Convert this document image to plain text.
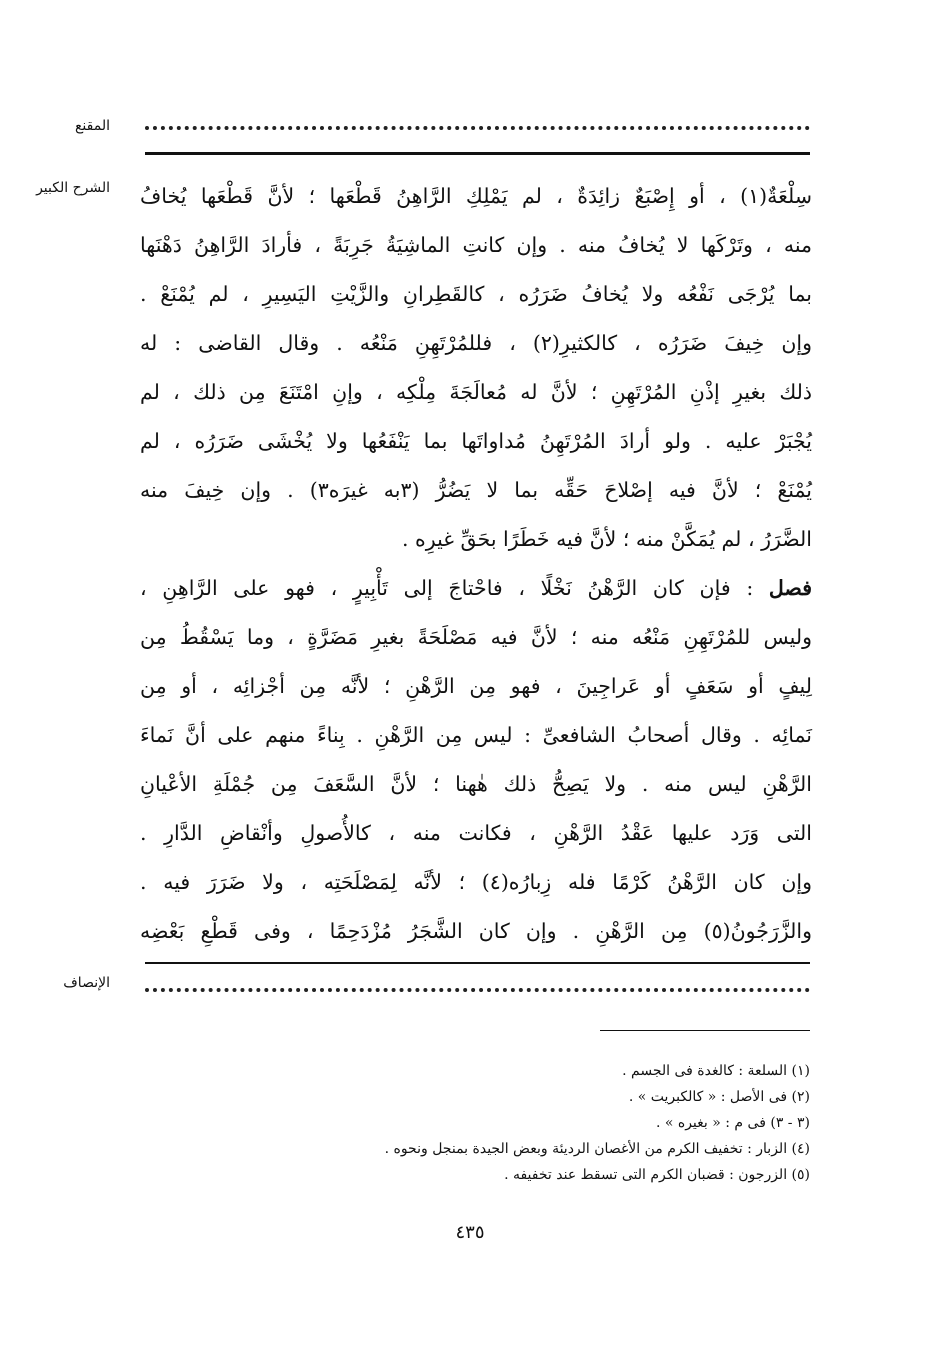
المقنع
الشرح الكبير
الإنصاف

سِلْعَةٌ(١) ، أو إِصْبَعٌ زائِدَةٌ ، لم يَمْلِكِ الرَّاهِنُ قَطْعَها ؛ لأنَّ قَطْعَها يُخافُ

منه ، وتَرْكَها لا يُخافُ منه . وإن كانتِ الماشِيَةُ جَرِبَةً ، فأرادَ الرَّاهِنُ دَهْنَها

بما يُرْجَى نَفْعُه ولا يُخافُ ضَرَرُه ، كالقَطِرانِ والزَّيْتِ اليَسِيرِ ، لم يُمْنَعْ .

وإن خِيفَ ضَرَرُه ، كالكثيرِ(٢) ، فللمُرْتَهِنِ مَنْعُه . وقال القاضى : له

ذلك بغيرِ إذْنِ المُرْتَهِنِ ؛ لأنَّ له مُعالَجَةَ مِلْكِه ، وإنِ امْتَنَعَ مِن ذلك ، لم

يُجْبَرْ عليه . ولو أرادَ المُرْتَهِنُ مُداواتَها بما يَنْفَعُها ولا يُخْشَى ضَرَرُه ، لم

يُمْنَعْ ؛ لأنَّ فيه إصْلاحَ حَقِّه بما لا يَضُرُّ (٣به غيرَه٣) . وإن خِيفَ منه

الضَّرَرُ ، لم يُمَكَّنْ منه ؛ لأنَّ فيه خَطَرًا بحَقِّ غيرِه .

فصل : فإن كان الرَّهْنُ نَخْلًا ، فاحْتاجَ إلى تَأْبِيرٍ ، فهو على الرَّاهِنِ ،

وليس للمُرْتَهِنِ مَنْعُه منه ؛ لأنَّ فيه مَصْلَحَةً بغيرِ مَضَرَّةٍ ، وما يَسْقُطُ مِن

لِيفٍ أو سَعَفٍ أو عَراجِينَ ، فهو مِن الرَّهْنِ ؛ لأنَّه مِن أجْزائِه ، أو مِن

نَمائِه . وقال أصحابُ الشافعىِّ : ليس مِن الرَّهْنِ . بِناءً منهم على أنَّ نَماءَ

الرَّهْنِ ليس منه . ولا يَصِحُّ ذلك هٰهنا ؛ لأنَّ السَّعَفَ مِن جُمْلَةِ الأعْيانِ

التى وَرَد عليها عَقْدُ الرَّهْنِ ، فكانت منه ، كالأُصولِ وأنْقاضِ الدَّارِ .

وإن كان الرَّهْنُ كَرْمًا فله زِبارُه(٤) ؛ لأنَّه لِمَصْلَحَتِه ، ولا ضَرَرَ فيه .

والزَّرَجُونُ(٥) مِن الرَّهْنِ . وإن كان الشَّجَرُ مُزْدَحِمًا ، وفى قَطْعِ بَعْضِه

(١) السلعة : كالغدة فى الجسم .
(٢) فى الأصل : « كالكبريت » .
(٣ - ٣) فى م : « بغيره » .
(٤) الزبار : تخفيف الكرم من الأغصان الرديئة وبعض الجيدة بمنجل ونحوه .
(٥) الزرجون : قضبان الكرم التى تسقط عند تخفيفه .
٤٣٥
